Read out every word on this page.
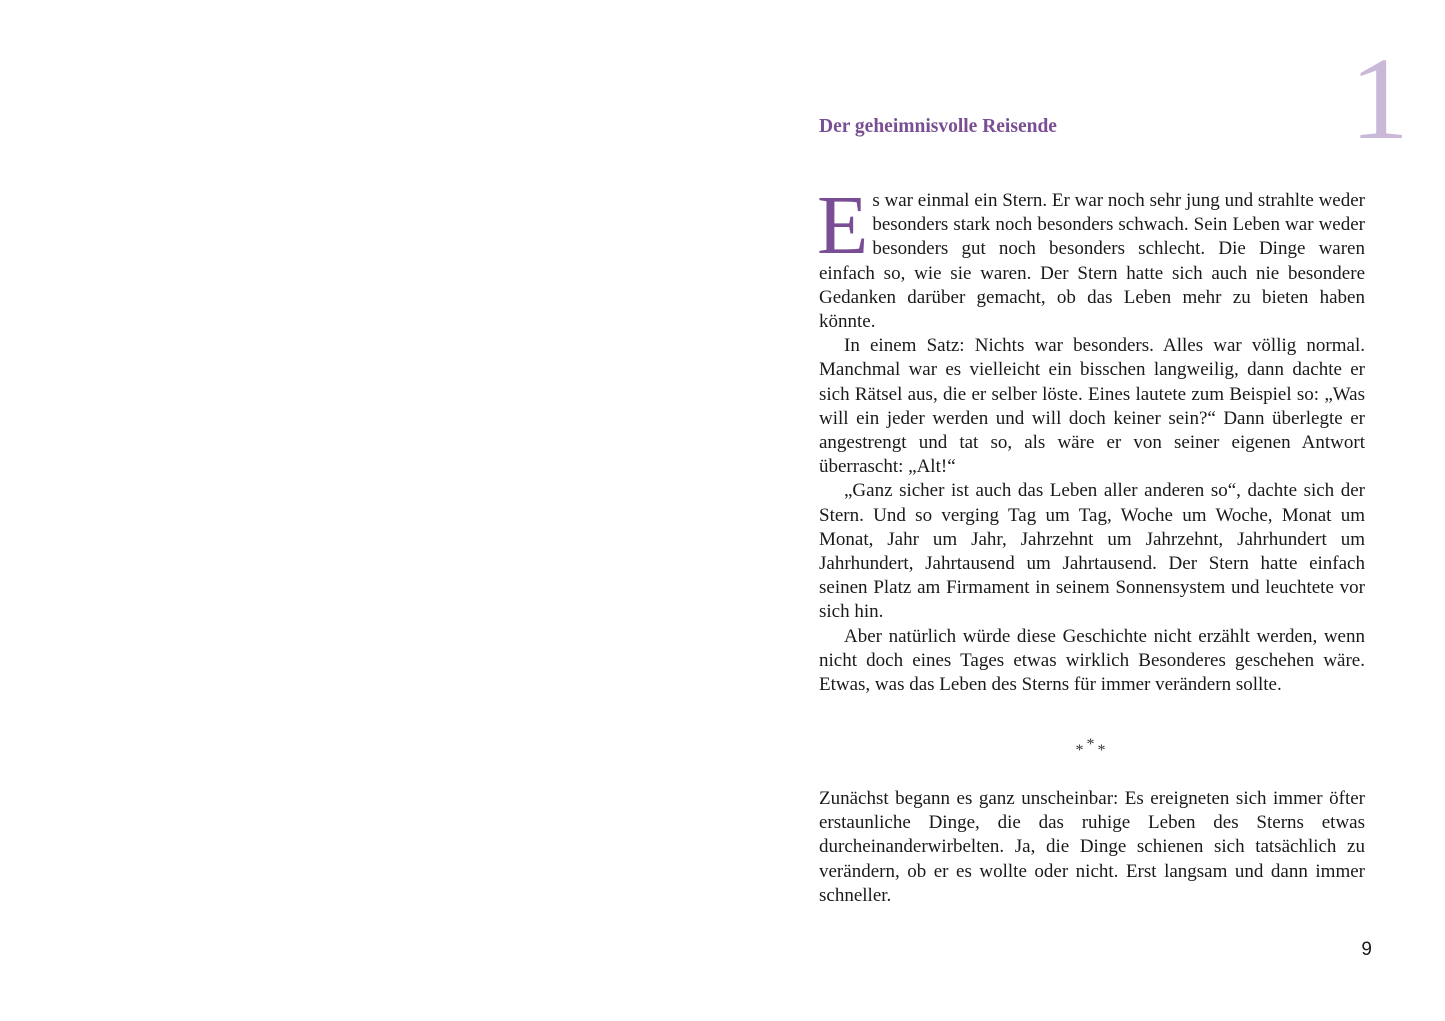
1
Der geheimnisvolle Reisende

Es war einmal ein Stern. Er war noch sehr jung und strahlte weder besonders stark noch besonders schwach. Sein Leben war weder besonders gut noch besonders schlecht. Die Dinge waren einfach so, wie sie waren. Der Stern hatte sich auch nie besondere Gedanken darüber gemacht, ob das Leben mehr zu bieten haben könnte.

In einem Satz: Nichts war besonders. Alles war völlig normal. Manchmal war es vielleicht ein bisschen langweilig, dann dachte er sich Rätsel aus, die er selber löste. Eines lautete zum Beispiel so: „Was will ein jeder werden und will doch keiner sein?“ Dann überlegte er angestrengt und tat so, als wäre er von seiner eigenen Antwort überrascht: „Alt!“

„Ganz sicher ist auch das Leben aller anderen so“, dachte sich der Stern. Und so verging Tag um Tag, Woche um Woche, Monat um Monat, Jahr um Jahr, Jahrzehnt um Jahrzehnt, Jahrhundert um Jahrhundert, Jahrtausend um Jahrtausend. Der Stern hatte einfach seinen Platz am Firmament in seinem Sonnensystem und leuchtete vor sich hin.

Aber natürlich würde diese Geschichte nicht erzählt werden, wenn nicht doch eines Tages etwas wirklich Besonderes geschehen wäre. Etwas, was das Leben des Sterns für immer verändern sollte.

***

Zunächst begann es ganz unscheinbar: Es ereigneten sich immer öfter erstaunliche Dinge, die das ruhige Leben des Sterns etwas durcheinanderwirbelten. Ja, die Dinge schienen sich tatsächlich zu verändern, ob er es wollte oder nicht. Erst langsam und dann immer schneller.

9
